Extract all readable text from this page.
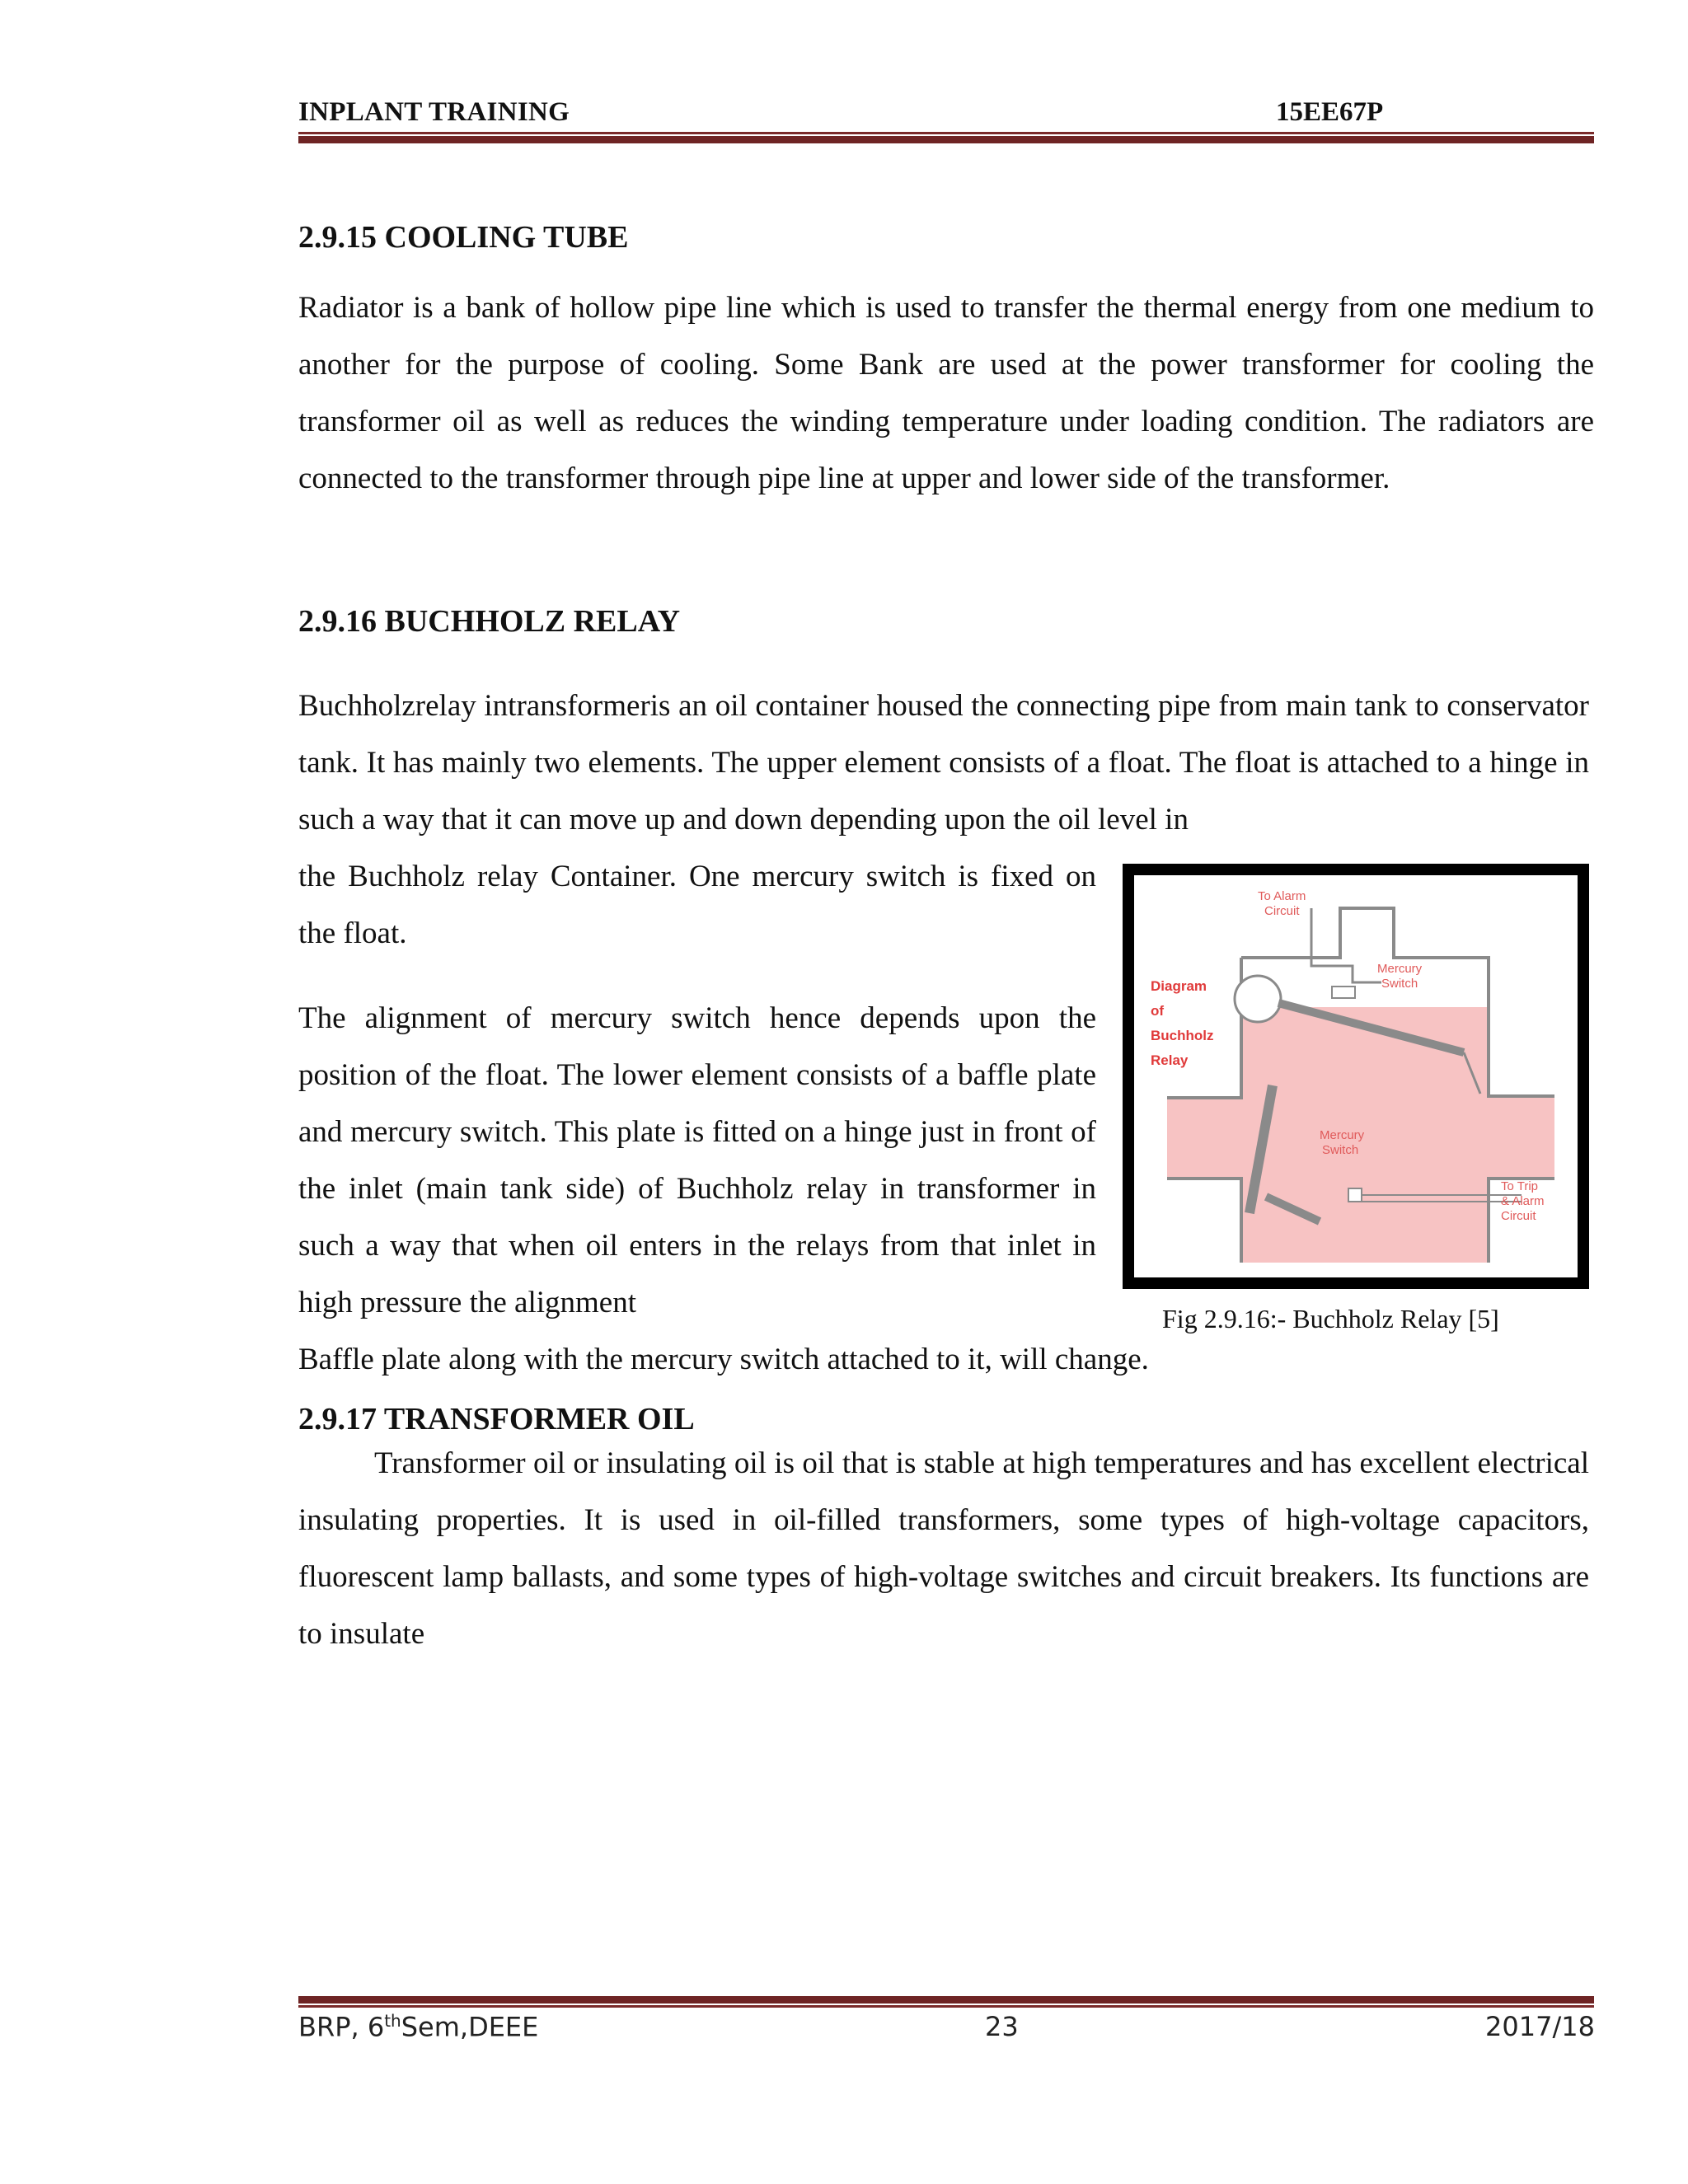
INPLANT TRAINING	15EE67P
2.9.15 COOLING TUBE
Radiator is a bank of hollow pipe line which is used to transfer the thermal energy from one medium to another for the purpose of cooling. Some Bank are used at the power transformer for cooling the transformer oil as well as reduces the winding temperature under loading condition. The radiators are connected to the transformer through pipe line at upper and lower side of the transformer.
2.9.16 BUCHHOLZ RELAY
Buchholzrelay intransformeris an oil container housed the connecting pipe from main tank to conservator tank. It has mainly two elements. The upper element consists of a float. The float is attached to a hinge in such a way that it can move up and down depending upon the oil level in
the Buchholz relay Container. One mercury switch is fixed on the float.
The alignment of mercury switch hence depends upon the position of the float. The lower element consists of a baffle plate and mercury switch. This plate is fitted on a hinge just in front of the inlet (main tank side) of Buchholz relay in transformer in such a way that when oil enters in the relays from that inlet in high pressure the alignment
Baffle plate along with the mercury switch attached to it, will change.
Diagram
of
Buchholz
Relay
To Alarm
Circuit
Mercury
Switch
Mercury
Switch
To Trip
& Alarm
Circuit
Fig 2.9.16:- Buchholz Relay [5]
2.9.17 TRANSFORMER OIL
Transformer oil or insulating oil is oil that is stable at high temperatures and has excellent electrical insulating properties. It is used in oil-filled transformers, some types of high-voltage capacitors, fluorescent lamp ballasts, and some types of high-voltage switches and circuit breakers. Its functions are to insulate
BRP, 6thSem,DEEE	23	2017/18
